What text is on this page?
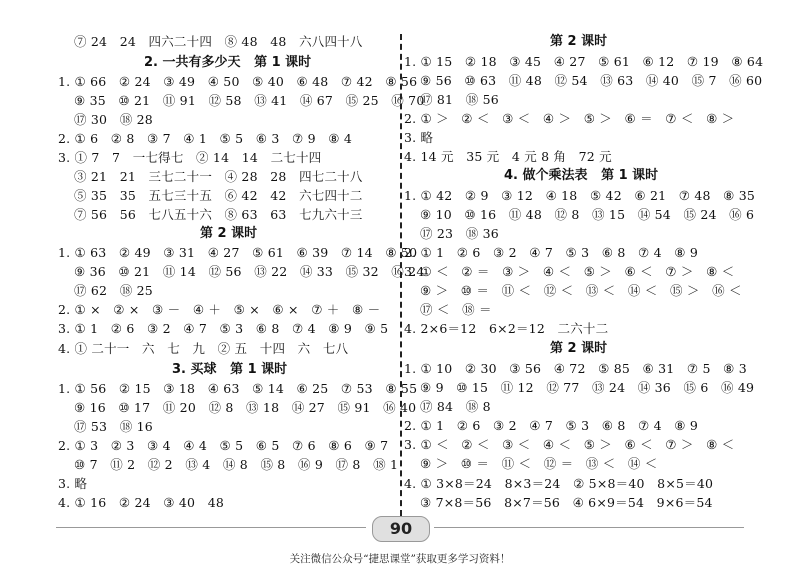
⑦ 24   24   四六二十四   ⑧ 48   48   六八四十八
2. 一共有多少天   第 1 课时
1. ① 66   ② 24   ③ 49   ④ 50   ⑤ 40   ⑥ 48   ⑦ 42   ⑧ 56
⑨ 35   ⑩ 21   ⑪ 91   ⑫ 58   ⑬ 41   ⑭ 67   ⑮ 25   ⑯ 70
⑰ 30   ⑱ 28
2. ① 6   ② 8   ③ 7   ④ 1   ⑤ 5   ⑥ 3   ⑦ 9   ⑧ 4
3. ① 7   7   一七得七   ② 14   14   二七十四
③ 21   21   三七二十一   ④ 28   28   四七二十八
⑤ 35   35   五七三十五   ⑥ 42   42   六七四十二
⑦ 56   56   七八五十六   ⑧ 63   63   七九六十三
第 2 课时
1. ① 63   ② 49   ③ 31   ④ 27   ⑤ 61   ⑥ 39   ⑦ 14   ⑧ 50
⑨ 36   ⑩ 21   ⑪ 14   ⑫ 56   ⑬ 22   ⑭ 33   ⑮ 32   ⑯ 24
⑰ 62   ⑱ 25
2. ① ×   ② ×   ③ －   ④ ＋   ⑤ ×   ⑥ ×   ⑦ ＋   ⑧ －
3. ① 1   ② 6   ③ 2   ④ 7   ⑤ 3   ⑥ 8   ⑦ 4   ⑧ 9   ⑨ 5
4. ① 二十一   六   七   九   ② 五   十四   六   七八
3. 买球   第 1 课时
1. ① 56   ② 15   ③ 18   ④ 63   ⑤ 14   ⑥ 25   ⑦ 53   ⑧ 55
⑨ 16   ⑩ 17   ⑪ 20   ⑫ 8   ⑬ 18   ⑭ 27   ⑮ 91   ⑯ 40
⑰ 53   ⑱ 16
2. ① 3   ② 3   ③ 4   ④ 4   ⑤ 5   ⑥ 5   ⑦ 6   ⑧ 6   ⑨ 7
⑩ 7   ⑪ 2   ⑫ 2   ⑬ 4   ⑭ 8   ⑮ 8   ⑯ 9   ⑰ 8   ⑱ 1
3. 略
4. ① 16   ② 24   ③ 40   48
第 2 课时
1. ① 15   ② 18   ③ 45   ④ 27   ⑤ 61   ⑥ 12   ⑦ 19   ⑧ 64
⑨ 56   ⑩ 63   ⑪ 48   ⑫ 54   ⑬ 63   ⑭ 40   ⑮ 7   ⑯ 60
⑰ 81   ⑱ 56
2. ① ＞   ② ＜   ③ ＜   ④ ＞   ⑤ ＞   ⑥ ＝   ⑦ ＜   ⑧ ＞
3. 略
4. 14 元   35 元   4 元 8 角   72 元
4. 做个乘法表   第 1 课时
1. ① 42   ② 9   ③ 12   ④ 18   ⑤ 42   ⑥ 21   ⑦ 48   ⑧ 35
⑨ 10   ⑩ 16   ⑪ 48   ⑫ 8   ⑬ 15   ⑭ 54   ⑮ 24   ⑯ 6
⑰ 23   ⑱ 36
2. ① 1   ② 6   ③ 2   ④ 7   ⑤ 3   ⑥ 8   ⑦ 4   ⑧ 9
3. ① ＜   ② ＝   ③ ＞   ④ ＜   ⑤ ＞   ⑥ ＜   ⑦ ＞   ⑧ ＜
⑨ ＞   ⑩ ＝   ⑪ ＜   ⑫ ＜   ⑬ ＜   ⑭ ＜   ⑮ ＞   ⑯ ＜
⑰ ＜   ⑱ ＝
4. 2×6＝12   6×2＝12   二六十二
第 2 课时
1. ① 10   ② 30   ③ 56   ④ 72   ⑤ 85   ⑥ 31   ⑦ 5   ⑧ 3
⑨ 9   ⑩ 15   ⑪ 12   ⑫ 77   ⑬ 24   ⑭ 36   ⑮ 6   ⑯ 49
⑰ 84   ⑱ 8
2. ① 1   ② 6   ③ 2   ④ 7   ⑤ 3   ⑥ 8   ⑦ 4   ⑧ 9
3. ① ＜   ② ＜   ③ ＜   ④ ＜   ⑤ ＞   ⑥ ＜   ⑦ ＞   ⑧ ＜
⑨ ＞   ⑩ ＝   ⑪ ＜   ⑫ ＝   ⑬ ＜   ⑭ ＜
4. ① 3×8＝24   8×3＝24   ② 5×8＝40   8×5＝40
③ 7×8＝56   8×7＝56   ④ 6×9＝54   9×6＝54
90
关注微信公众号“捷思课堂”获取更多学习资料！
